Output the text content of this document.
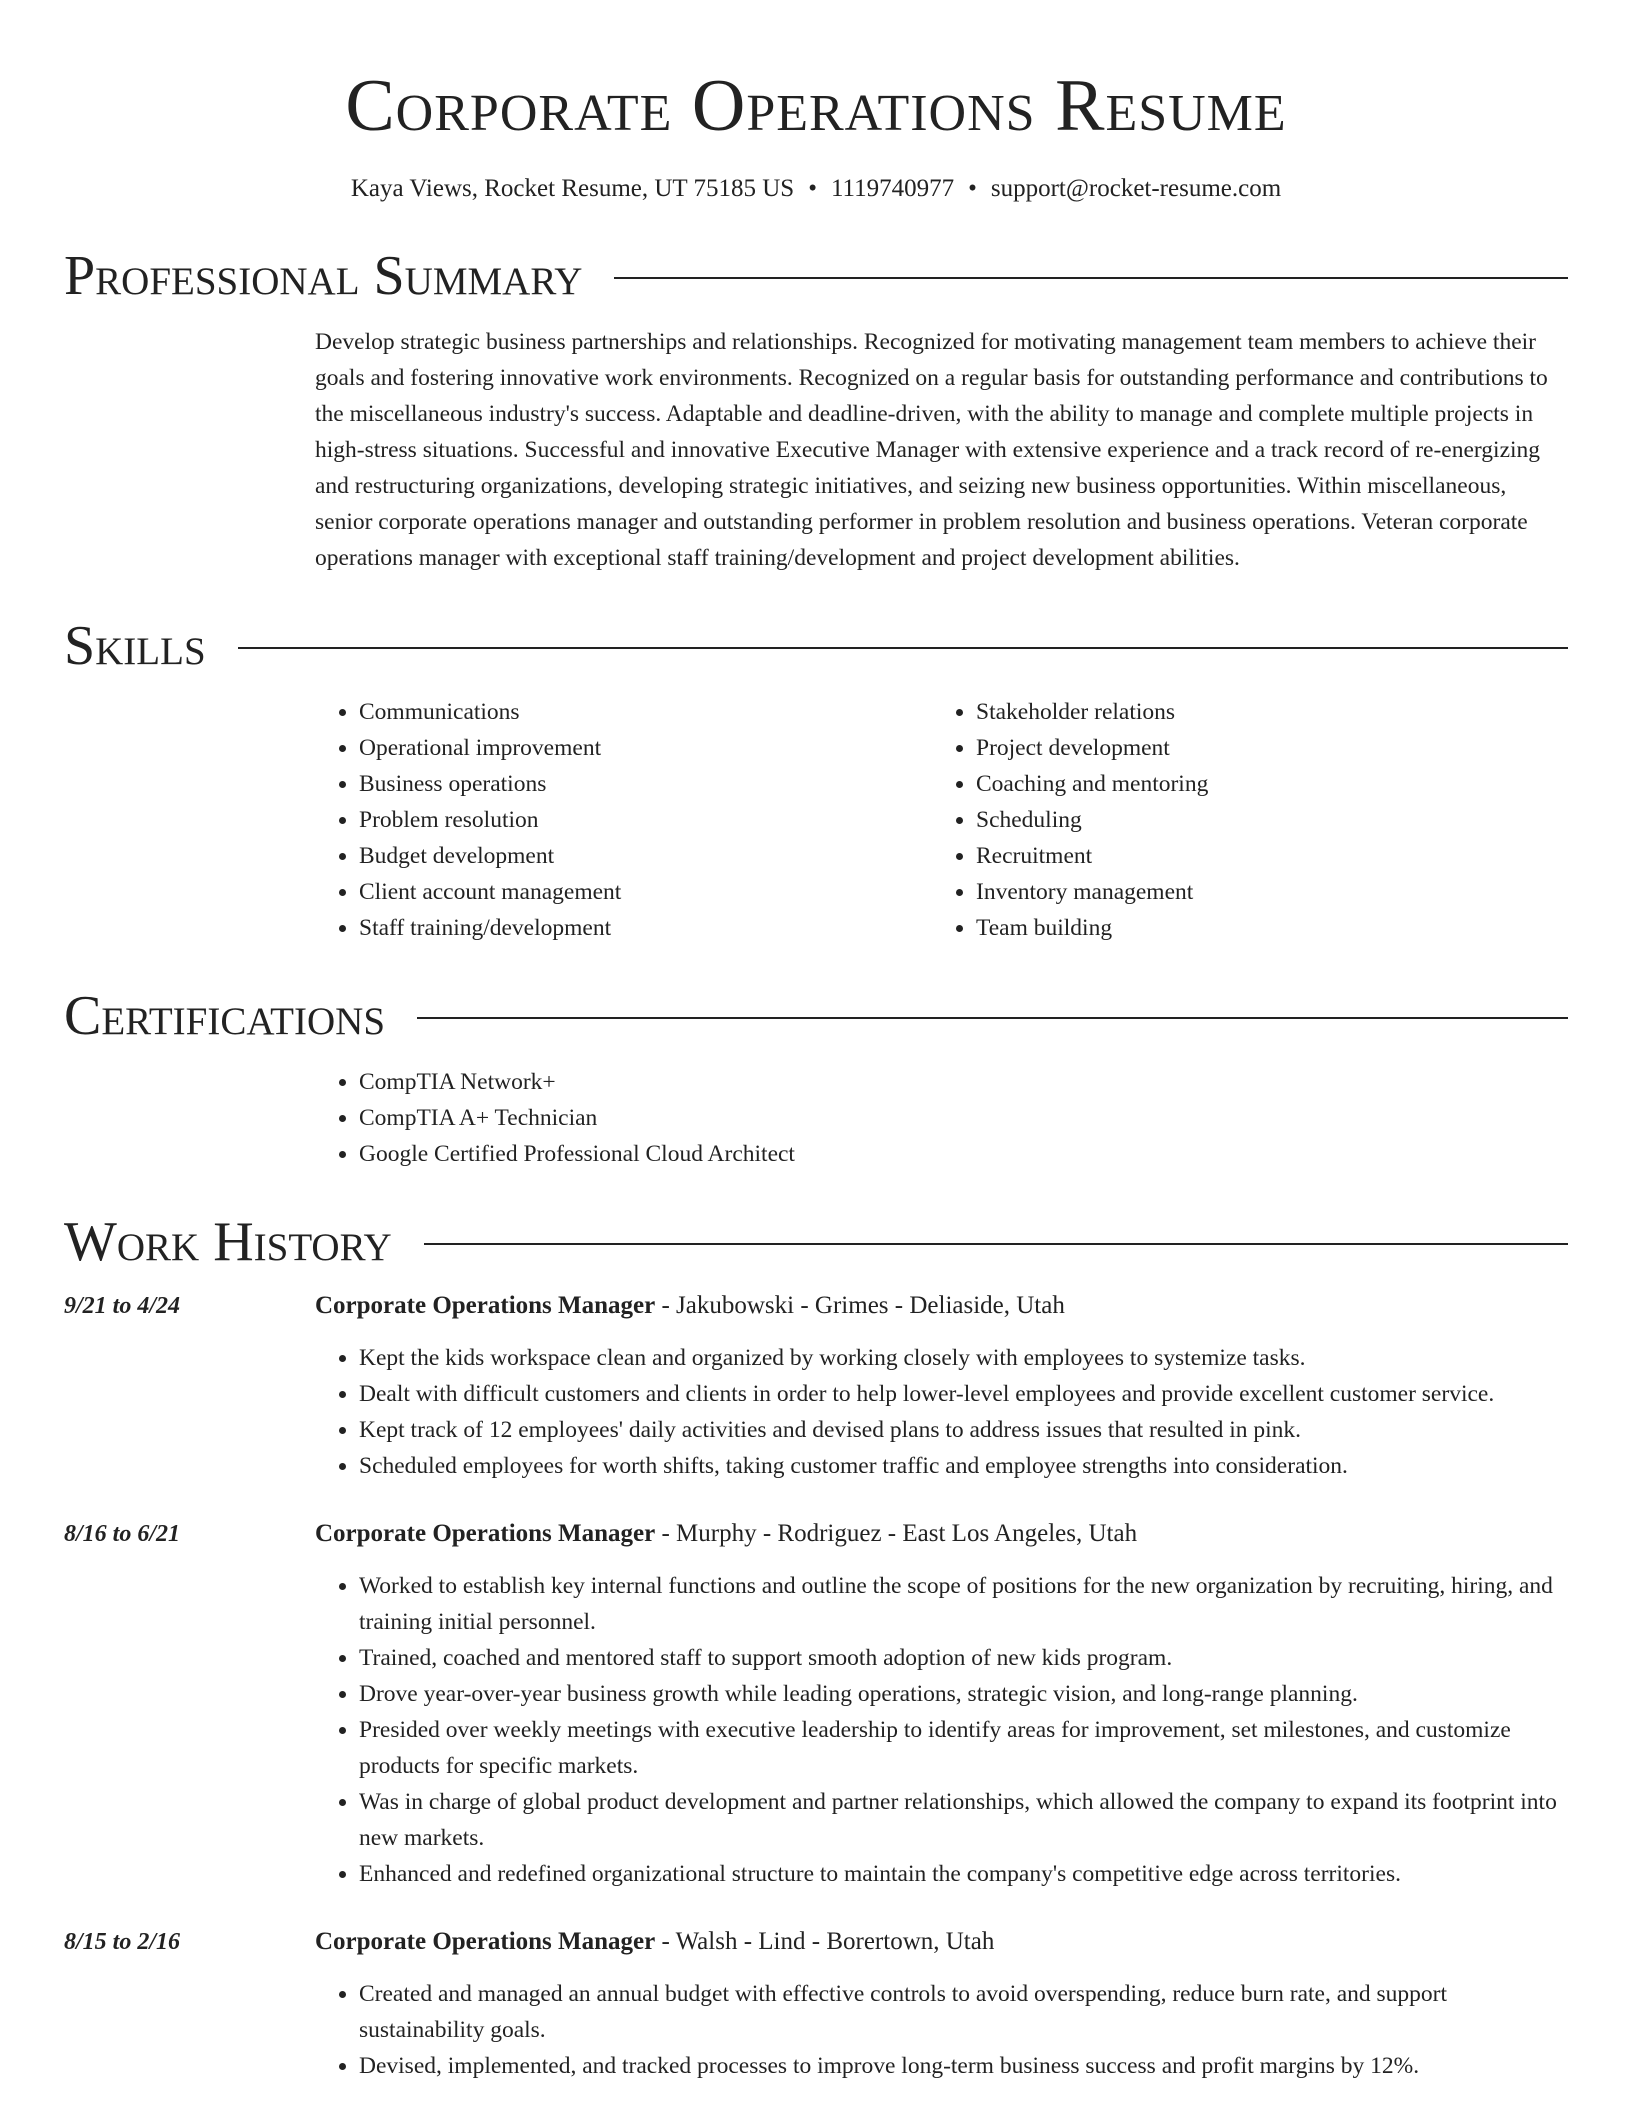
Corporate Operations Resume
Kaya Views, Rocket Resume, UT 75185 US • 1119740977 • support@rocket-resume.com
Professional Summary
Develop strategic business partnerships and relationships. Recognized for motivating management team members to achieve their goals and fostering innovative work environments. Recognized on a regular basis for outstanding performance and contributions to the miscellaneous industry's success. Adaptable and deadline-driven, with the ability to manage and complete multiple projects in high-stress situations. Successful and innovative Executive Manager with extensive experience and a track record of re-energizing and restructuring organizations, developing strategic initiatives, and seizing new business opportunities. Within miscellaneous, senior corporate operations manager and outstanding performer in problem resolution and business operations. Veteran corporate operations manager with exceptional staff training/development and project development abilities.
Skills
• Communications
• Operational improvement
• Business operations
• Problem resolution
• Budget development
• Client account management
• Staff training/development
• Stakeholder relations
• Project development
• Coaching and mentoring
• Scheduling
• Recruitment
• Inventory management
• Team building
Certifications
• CompTIA Network+
• CompTIA A+ Technician
• Google Certified Professional Cloud Architect
Work History
9/21 to 4/24	Corporate Operations Manager - Jakubowski - Grimes - Deliaside, Utah
• Kept the kids workspace clean and organized by working closely with employees to systemize tasks.
• Dealt with difficult customers and clients in order to help lower-level employees and provide excellent customer service.
• Kept track of 12 employees' daily activities and devised plans to address issues that resulted in pink.
• Scheduled employees for worth shifts, taking customer traffic and employee strengths into consideration.
8/16 to 6/21	Corporate Operations Manager - Murphy - Rodriguez - East Los Angeles, Utah
• Worked to establish key internal functions and outline the scope of positions for the new organization by recruiting, hiring, and training initial personnel.
• Trained, coached and mentored staff to support smooth adoption of new kids program.
• Drove year-over-year business growth while leading operations, strategic vision, and long-range planning.
• Presided over weekly meetings with executive leadership to identify areas for improvement, set milestones, and customize products for specific markets.
• Was in charge of global product development and partner relationships, which allowed the company to expand its footprint into new markets.
• Enhanced and redefined organizational structure to maintain the company's competitive edge across territories.
8/15 to 2/16	Corporate Operations Manager - Walsh - Lind - Borertown, Utah
• Created and managed an annual budget with effective controls to avoid overspending, reduce burn rate, and support sustainability goals.
• Devised, implemented, and tracked processes to improve long-term business success and profit margins by 12%.
